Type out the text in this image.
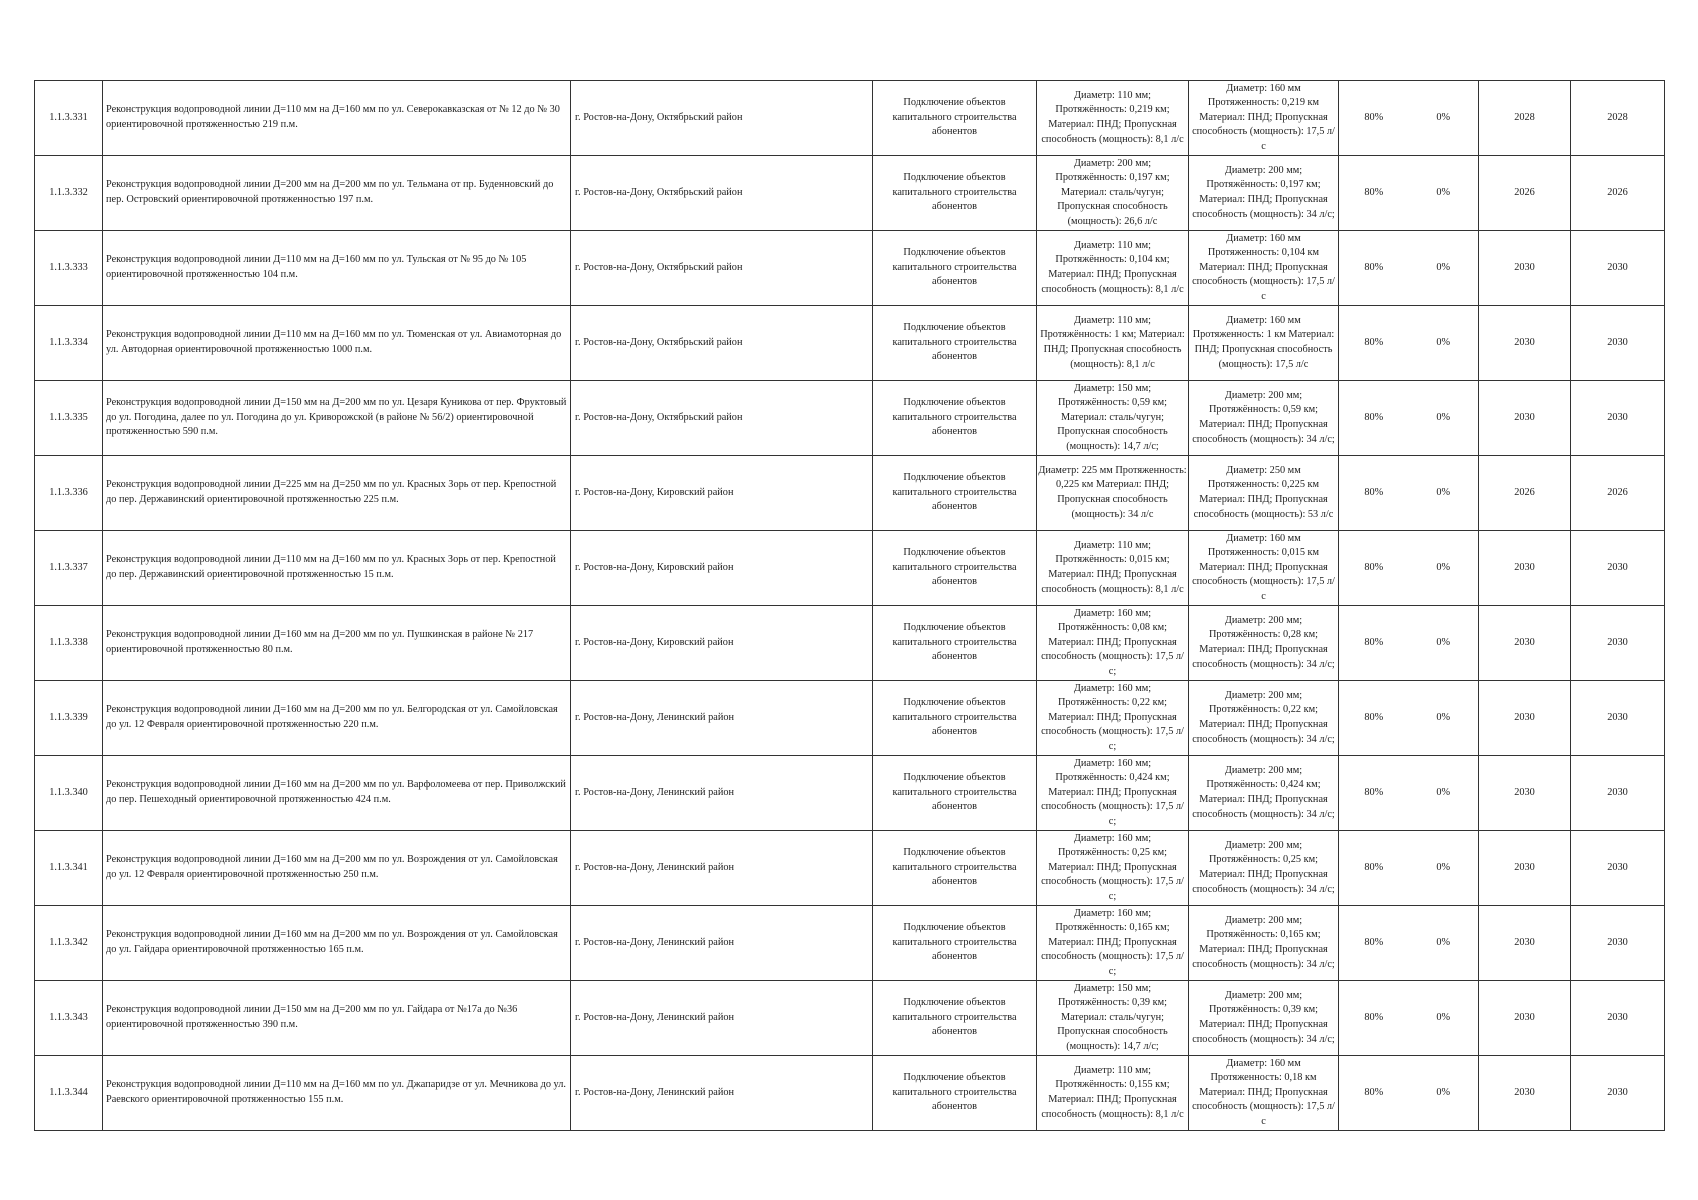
1.1.3.331	Реконструкция водопроводной линии Д=110 мм на Д=160 мм по ул. Северокавказская от № 12 до № 30 ориентировочной протяженностью 219 п.м.	г. Ростов-на-Дону, Октябрьский район	Подключение объектов капитального строительства абонентов	Диаметр: 110 мм; Протяжённость: 0,219 км; Материал: ПНД; Пропускная способность (мощность): 8,1 л/с	Диаметр: 160 мм Протяженность: 0,219 км Материал: ПНД; Пропускная способность (мощность): 17,5 л/с	80%	0%	2028	2028
1.1.3.332	Реконструкция водопроводной линии Д=200 мм на Д=200 мм по ул. Тельмана от пр. Буденновский до пер. Островский ориентировочной протяженностью 197 п.м.	г. Ростов-на-Дону, Октябрьский район	Подключение объектов капитального строительства абонентов	Диаметр: 200 мм; Протяжённость: 0,197 км; Материал: сталь/чугун; Пропускная способность (мощность): 26,6 л/с	Диаметр: 200 мм; Протяжённость: 0,197 км; Материал: ПНД; Пропускная способность (мощность): 34 л/с;	80%	0%	2026	2026
1.1.3.333	Реконструкция водопроводной линии Д=110 мм на Д=160 мм по ул. Тульская от № 95 до № 105 ориентировочной протяженностью 104 п.м.	г. Ростов-на-Дону, Октябрьский район	Подключение объектов капитального строительства абонентов	Диаметр: 110 мм; Протяжённость: 0,104 км; Материал: ПНД; Пропускная способность (мощность): 8,1 л/с	Диаметр: 160 мм Протяженность: 0,104 км Материал: ПНД; Пропускная способность (мощность): 17,5 л/с	80%	0%	2030	2030
1.1.3.334	Реконструкция водопроводной линии Д=110 мм на Д=160 мм по ул. Тюменская от ул. Авиамоторная до ул. Автодорная ориентировочной протяженностью 1000 п.м.	г. Ростов-на-Дону, Октябрьский район	Подключение объектов капитального строительства абонентов	Диаметр: 110 мм; Протяжённость: 1 км; Материал: ПНД; Пропускная способность (мощность): 8,1 л/с	Диаметр: 160 мм Протяженность: 1 км Материал: ПНД; Пропускная способность (мощность): 17,5 л/с	80%	0%	2030	2030
1.1.3.335	Реконструкция водопроводной линии Д=150 мм на Д=200 мм по ул. Цезаря Куникова от пер. Фруктовый до ул. Погодина, далее по ул. Погодина до ул. Криворожской (в районе № 56/2) ориентировочной протяженностью 590 п.м.	г. Ростов-на-Дону, Октябрьский район	Подключение объектов капитального строительства абонентов	Диаметр: 150 мм; Протяжённость: 0,59 км; Материал: сталь/чугун; Пропускная способность (мощность): 14,7 л/с;	Диаметр: 200 мм; Протяжённость: 0,59 км; Материал: ПНД; Пропускная способность (мощность): 34 л/с;	80%	0%	2030	2030
1.1.3.336	Реконструкция водопроводной линии Д=225 мм на Д=250 мм по ул. Красных Зорь от пер. Крепостной до пер. Державинский ориентировочной протяженностью 225 п.м.	г. Ростов-на-Дону, Кировский район	Подключение объектов капитального строительства абонентов	Диаметр: 225 мм Протяженность: 0,225 км Материал: ПНД; Пропускная способность (мощность): 34 л/с	Диаметр: 250 мм Протяженность: 0,225 км Материал: ПНД; Пропускная способность (мощность): 53 л/с	80%	0%	2026	2026
1.1.3.337	Реконструкция водопроводной линии Д=110 мм на Д=160 мм по ул. Красных Зорь от пер. Крепостной до пер. Державинский ориентировочной протяженностью 15 п.м.	г. Ростов-на-Дону, Кировский район	Подключение объектов капитального строительства абонентов	Диаметр: 110 мм; Протяжённость: 0,015 км; Материал: ПНД; Пропускная способность (мощность): 8,1 л/с	Диаметр: 160 мм Протяженность: 0,015 км Материал: ПНД; Пропускная способность (мощность): 17,5 л/с	80%	0%	2030	2030
1.1.3.338	Реконструкция водопроводной линии Д=160 мм на Д=200 мм по ул. Пушкинская в районе № 217 ориентировочной протяженностью 80 п.м.	г. Ростов-на-Дону, Кировский район	Подключение объектов капитального строительства абонентов	Диаметр: 160 мм; Протяжённость: 0,08 км; Материал: ПНД; Пропускная способность (мощность): 17,5 л/с;	Диаметр: 200 мм; Протяжённость: 0,28 км; Материал: ПНД; Пропускная способность (мощность): 34 л/с;	80%	0%	2030	2030
1.1.3.339	Реконструкция водопроводной линии Д=160 мм на Д=200 мм по ул. Белгородская от ул. Самойловская до ул. 12 Февраля ориентировочной протяженностью 220 п.м.	г. Ростов-на-Дону, Ленинский район	Подключение объектов капитального строительства абонентов	Диаметр: 160 мм; Протяжённость: 0,22 км; Материал: ПНД; Пропускная способность (мощность): 17,5 л/с;	Диаметр: 200 мм; Протяжённость: 0,22 км; Материал: ПНД; Пропускная способность (мощность): 34 л/с;	80%	0%	2030	2030
1.1.3.340	Реконструкция водопроводной линии Д=160 мм на Д=200 мм по ул. Варфоломеева от пер. Приволжский до пер. Пешеходный ориентировочной протяженностью 424 п.м.	г. Ростов-на-Дону, Ленинский район	Подключение объектов капитального строительства абонентов	Диаметр: 160 мм; Протяжённость: 0,424 км; Материал: ПНД; Пропускная способность (мощность): 17,5 л/с;	Диаметр: 200 мм; Протяжённость: 0,424 км; Материал: ПНД; Пропускная способность (мощность): 34 л/с;	80%	0%	2030	2030
1.1.3.341	Реконструкция водопроводной линии Д=160 мм на Д=200 мм по ул. Возрождения от ул. Самойловская до ул. 12 Февраля ориентировочной протяженностью 250 п.м.	г. Ростов-на-Дону, Ленинский район	Подключение объектов капитального строительства абонентов	Диаметр: 160 мм; Протяжённость: 0,25 км; Материал: ПНД; Пропускная способность (мощность): 17,5 л/с;	Диаметр: 200 мм; Протяжённость: 0,25 км; Материал: ПНД; Пропускная способность (мощность): 34 л/с;	80%	0%	2030	2030
1.1.3.342	Реконструкция водопроводной линии Д=160 мм на Д=200 мм по ул. Возрождения от ул. Самойловская до ул. Гайдара ориентировочной протяженностью 165 п.м.	г. Ростов-на-Дону, Ленинский район	Подключение объектов капитального строительства абонентов	Диаметр: 160 мм; Протяжённость: 0,165 км; Материал: ПНД; Пропускная способность (мощность): 17,5 л/с;	Диаметр: 200 мм; Протяжённость: 0,165 км; Материал: ПНД; Пропускная способность (мощность): 34 л/с;	80%	0%	2030	2030
1.1.3.343	Реконструкция водопроводной линии Д=150 мм на Д=200 мм по ул. Гайдара от №17а до №36 ориентировочной протяженностью 390 п.м.	г. Ростов-на-Дону, Ленинский район	Подключение объектов капитального строительства абонентов	Диаметр: 150 мм; Протяжённость: 0,39 км; Материал: сталь/чугун; Пропускная способность (мощность): 14,7 л/с;	Диаметр: 200 мм; Протяжённость: 0,39 км; Материал: ПНД; Пропускная способность (мощность): 34 л/с;	80%	0%	2030	2030
1.1.3.344	Реконструкция водопроводной линии Д=110 мм на Д=160 мм по ул. Джапаридзе от ул. Мечникова до ул. Раевского ориентировочной протяженностью 155 п.м.	г. Ростов-на-Дону, Ленинский район	Подключение объектов капитального строительства абонентов	Диаметр: 110 мм; Протяжённость: 0,155 км; Материал: ПНД; Пропускная способность (мощность): 8,1 л/с	Диаметр: 160 мм Протяженность: 0,18 км Материал: ПНД; Пропускная способность (мощность): 17,5 л/с	80%	0%	2030	2030
